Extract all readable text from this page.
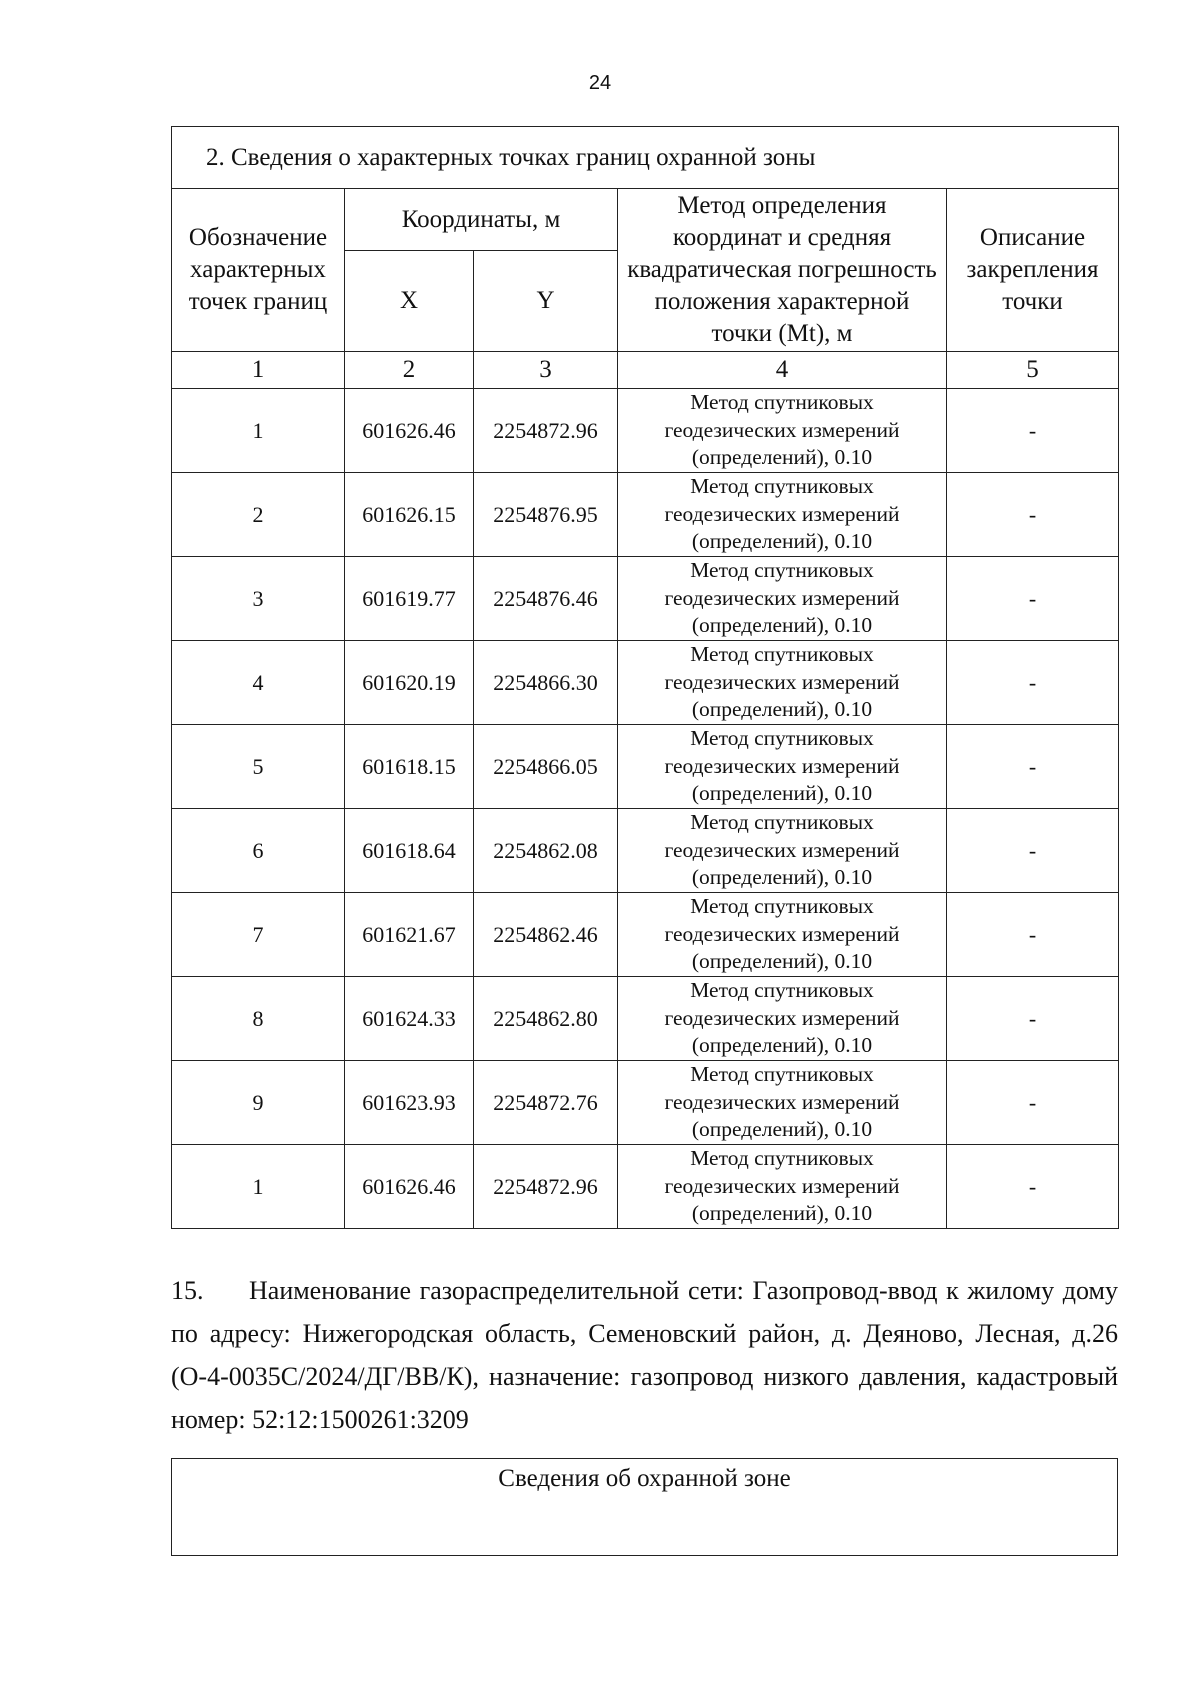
24
2. Сведения о характерных точках границ охранной зоны				
Обозначение характерных точек границ	Координаты, м		Метод определения координат и средняя квадратическая погрешность положения характерной точки (Mt), м	Описание закрепления точки
	X	Y		
1	2	3	4	5
1	601626.46	2254872.96	Метод спутниковых
геодезических измерений
(определений), 0.10	-
2	601626.15	2254876.95	Метод спутниковых
геодезических измерений
(определений), 0.10	-
3	601619.77	2254876.46	Метод спутниковых
геодезических измерений
(определений), 0.10	-
4	601620.19	2254866.30	Метод спутниковых
геодезических измерений
(определений), 0.10	-
5	601618.15	2254866.05	Метод спутниковых
геодезических измерений
(определений), 0.10	-
6	601618.64	2254862.08	Метод спутниковых
геодезических измерений
(определений), 0.10	-
7	601621.67	2254862.46	Метод спутниковых
геодезических измерений
(определений), 0.10	-
8	601624.33	2254862.80	Метод спутниковых
геодезических измерений
(определений), 0.10	-
9	601623.93	2254872.76	Метод спутниковых
геодезических измерений
(определений), 0.10	-
1	601626.46	2254872.96	Метод спутниковых
геодезических измерений
(определений), 0.10	-
15. Наименование газораспределительной сети: Газопровод-ввод к жилому дому по адресу: Нижегородская область, Семеновский район, д. Деяново, Лесная, д.26 (О-4-0035С/2024/ДГ/ВВ/К), назначение: газопровод низкого давления, кадастровый номер: 52:12:1500261:3209
Сведения об охранной зоне
